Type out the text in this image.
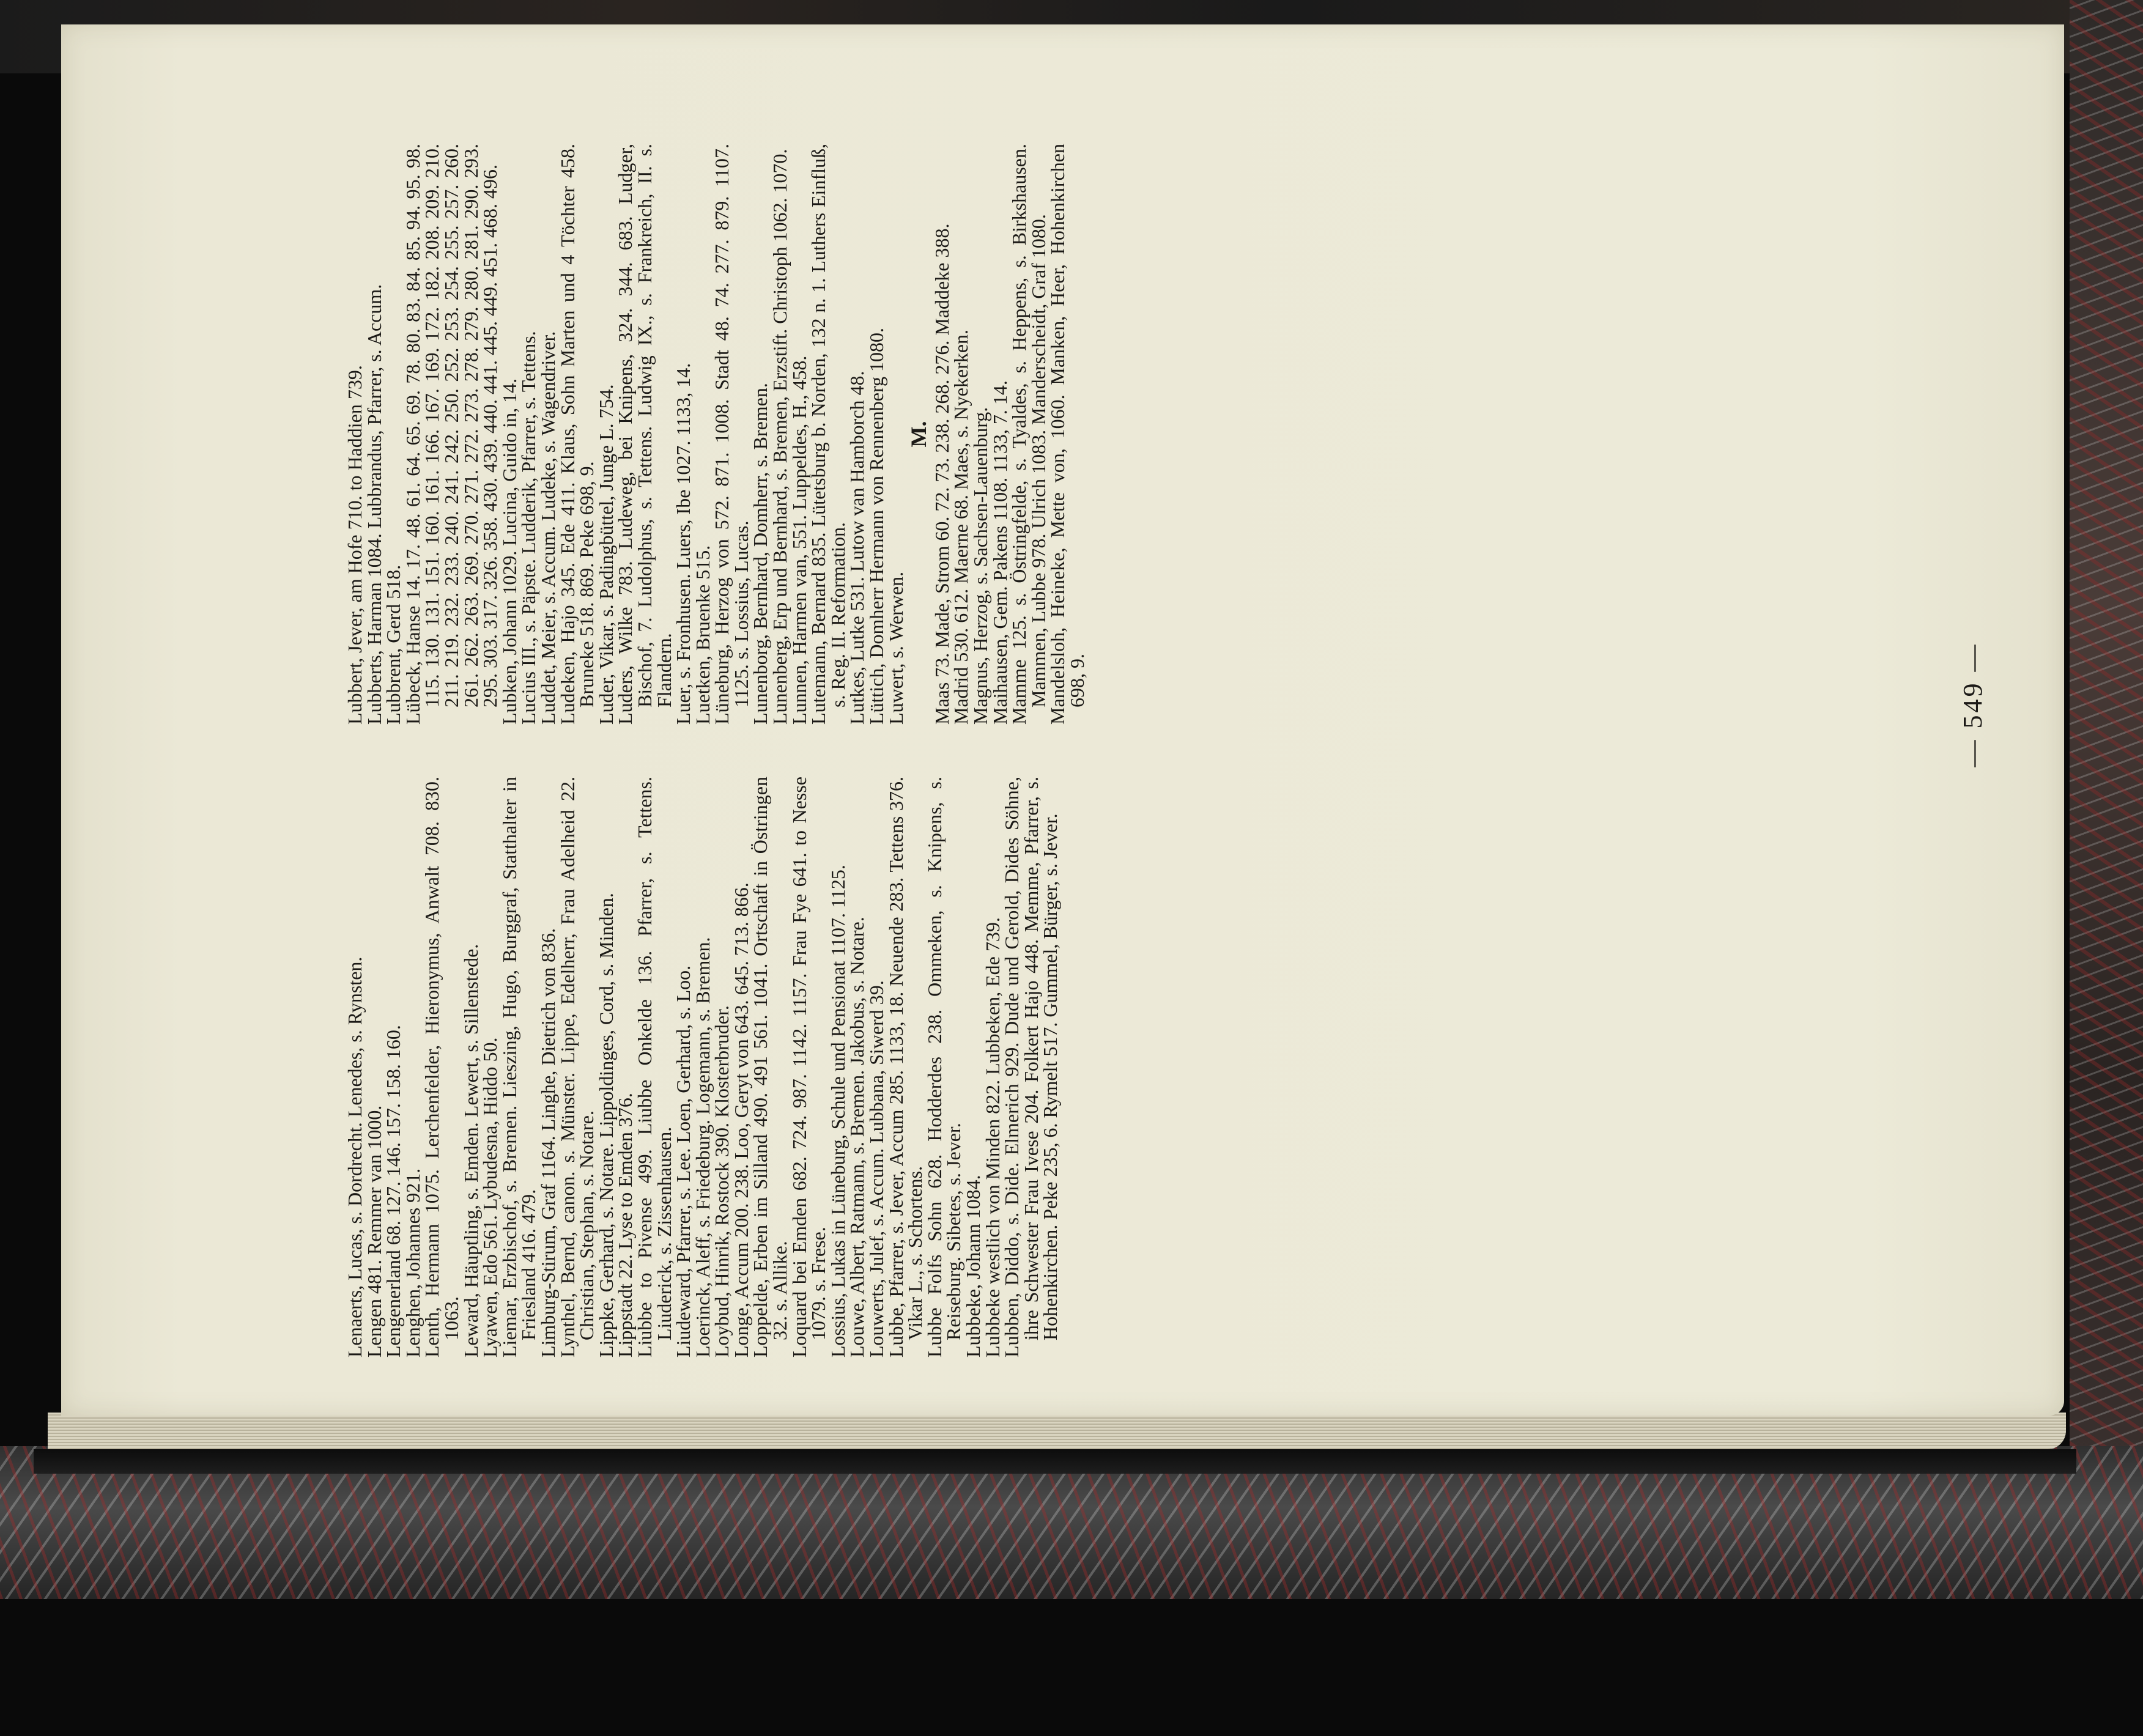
— 549 —

Lenaerts, Lucas, s. Dordrecht. Lenedes, s. Rynsten.

Lengen 481. Remmer van 1000.

Lengenerland 68. 127. 146. 157. 158. 160.

Lenghen, Johannes 921.

Lenth, Hermann 1075. Lerchenfelder, Hieronymus, Anwalt 708. 830. 1063.

Leward, Häuptling, s. Emden. Lewert, s. Sillenstede.

Lyawen, Edo 561. Lybudesna, Hiddo 50.

Liemar, Erzbischof, s. Bremen. Lieszing, Hugo, Burggraf, Statthalter in Friesland 416. 479.

Limburg-Stirum, Graf 1164. Linghe, Dietrich von 836.

Lynthel, Bernd, canon. s. Münster. Lippe, Edelherr, Frau Adelheid 22. Christian, Stephan, s. Notare.

Lippke, Gerhard, s. Notare. Lippoldinges, Cord, s. Minden.

Lippstadt 22. Lyse to Emden 376.

Liubbe to Pivense 499. Liubbe Onkelde 136. Pfarrer, s. Tettens. Liuderick, s. Zissenhausen.

Liudeward, Pfarrer, s. Lee. Loen, Gerhard, s. Loo.

Loerinck, Aleff, s. Friedeburg. Logemann, s. Bremen.

Loybud, Hinrik, Rostock 390. Klosterbruder.

Longe, Accum 200. 238. Loo, Geryt von 643. 645. 713. 866.

Loppelde, Erben im Silland 490. 491 561. 1041. Ortschaft in Östringen 32. s. Allike.

Loquard bei Emden 682. 724. 987. 1142. 1157. Frau Fye 641. to Nesse 1079. s. Frese.

Lossius, Lukas in Lüneburg, Schule und Pensionat 1107. 1125.

Louwe, Albert, Ratmann, s. Bremen. Jakobus, s. Notare.

Louwerts, Julef, s. Accum. Lubbana, Siwerd 39.

Lubbe, Pfarrer, s. Jever, Accum 285. 1133, 18. Neuende 283. Tettens 376. Vikar L., s. Schortens.

Lubbe Folfs Sohn 628. Hodderdes 238. Ommeken, s. Knipens, s. Reiseburg. Sibetes, s. Jever.

Lubbeke, Johann 1084.

Lubbeke westlich von Minden 822. Lubbeken, Ede 739.

Lubben, Diddo, s. Dide. Elmerich 929. Dude und Gerold, Dides Söhne, ihre Schwester Frau Ivese 204. Folkert Hajo 448. Memme, Pfarrer, s. Hohenkirchen. Peke 235, 6. Rymelt 517. Gummel, Bürger, s. Jever.

Lubbert, Jever, am Hofe 710. to Haddien 739.

Lubberts, Harman 1084. Lubbrandus, Pfarrer, s. Accum.

Lubbrent, Gerd 518.

Lübeck, Hanse 14. 17. 48. 61. 64. 65. 69. 78. 80. 83. 84. 85. 94. 95. 98. 115. 130. 131. 151. 160. 161. 166. 167. 169. 172. 182. 208. 209. 210. 211. 219. 232. 233. 240. 241. 242. 250. 252. 253. 254. 255. 257. 260. 261. 262. 263. 269. 270. 271. 272. 273. 278. 279. 280. 281. 290. 293. 295. 303. 317. 326. 358. 430. 439. 440. 441. 445. 449. 451. 468. 496.

Lubken, Johann 1029. Lucina, Guido in, 14.

Lucius III., s. Päpste. Ludderik, Pfarrer, s. Tettens.

Luddet, Meier, s. Accum. Ludeke, s. Wagendriver.

Ludeken, Hajo 345. Ede 411. Klaus, Sohn Marten und 4 Töchter 458. Bruneke 518. 869. Peke 698, 9.

Luder, Vikar, s. Padingbüttel, Junge L. 754.

Luders, Wilke 783. Ludeweg, bei Knipens, 324. 344. 683. Ludger, Bischof, 7. Ludolphus, s. Tettens. Ludwig IX., s. Frankreich, II. s. Flandern.

Luer, s. Fronhusen. Luers, Ibe 1027. 1133, 14.

Luetken, Bruenke 515.

Lüneburg, Herzog von 572. 871. 1008. Stadt 48. 74. 277. 879. 1107. 1125. s. Lossius, Lucas.

Lunenborg, Bernhard, Domherr, s. Bremen.

Lunenberg, Erp und Bernhard, s. Bremen, Erzstift. Christoph 1062. 1070.

Lunnen, Harmen van, 551. Luppeldes, H., 458.

Lutemann, Bernard 835. Lütetsburg b. Norden, 132 n. 1. Luthers Einfluß, s. Reg. II. Reformation.

Lutkes, Lutke 531. Lutow van Hamborch 48.

Lüttich, Domherr Hermann von Rennenberg 1080.

Luwert, s. Werwen.

M. Maas 73. Made, Strom 60. 72. 73. 238. 268. 276. Maddeke 388.

Madrid 530. 612. Maerne 68. Maes, s. Nyekerken.

Magnus, Herzog, s. Sachsen-Lauenburg.

Maihausen, Gem. Pakens 1108. 1133, 7. 14.

Mamme 125. s. Östringfelde, s. Tyaldes, s. Heppens, s. Birkshausen. Mammen, Lubbe 978. Ulrich 1083. Manderscheidt, Graf 1080.

Mandelsloh, Heineke, Mette von, 1060. Manken, Heer, Hohenkirchen 698, 9.
